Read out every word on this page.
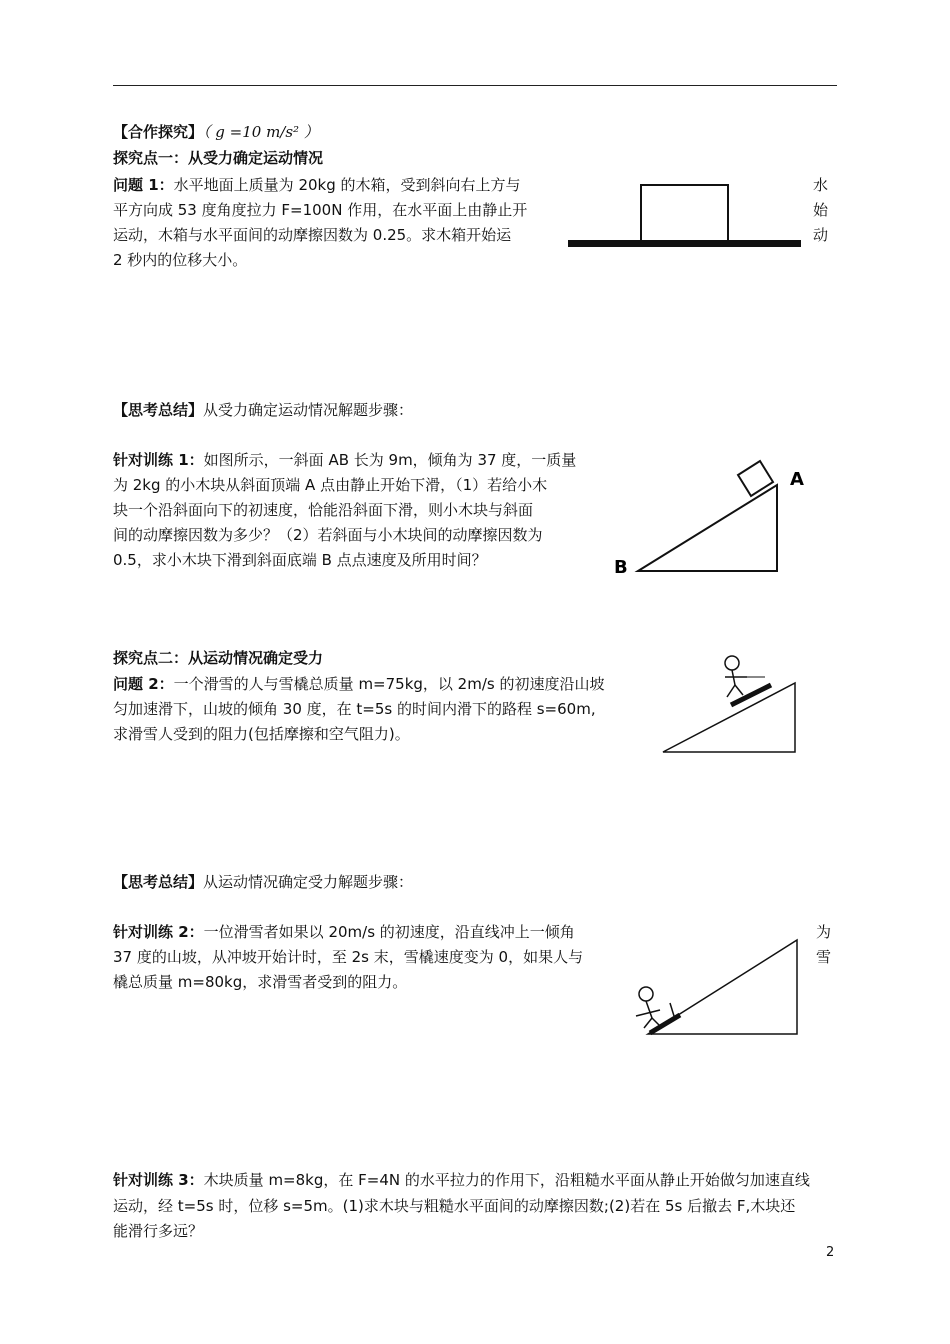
【合作探究】（ g =10 m/s² ）
探究点一：从受力确定运动情况
问题 1：水平地面上质量为 20kg 的木箱，受到斜向右上方与
平方向成 53 度角度拉力 F=100N 作用，在水平面上由静止开
运动，木箱与水平面间的动摩擦因数为 0.25。求木箱开始运
2 秒内的位移大小。
水
始
动
【思考总结】从受力确定运动情况解题步骤：
针对训练 1：如图所示，一斜面 AB 长为 9m，倾角为 37 度，一质量
为 2kg 的小木块从斜面顶端 A 点由静止开始下滑，（1）若给小木
块一个沿斜面向下的初速度，恰能沿斜面下滑，则小木块与斜面
间的动摩擦因数为多少？（2）若斜面与小木块间的动摩擦因数为
0.5，求小木块下滑到斜面底端 B 点点速度及所用时间？
A
B
探究点二：从运动情况确定受力
问题 2：一个滑雪的人与雪橇总质量 m=75kg，以 2m/s 的初速度沿山坡
匀加速滑下，山坡的倾角 30 度，在 t=5s 的时间内滑下的路程 s=60m,
求滑雪人受到的阻力(包括摩擦和空气阻力)。
【思考总结】从运动情况确定受力解题步骤：
针对训练 2：一位滑雪者如果以 20m/s 的初速度，沿直线冲上一倾角
37 度的山坡，从冲坡开始计时，至 2s 末，雪橇速度变为 0，如果人与
橇总质量 m=80kg，求滑雪者受到的阻力。
为
雪
针对训练 3：木块质量 m=8kg，在 F=4N 的水平拉力的作用下，沿粗糙水平面从静止开始做匀加速直线
运动，经 t=5s 时，位移 s=5m。(1)求木块与粗糙水平面间的动摩擦因数;(2)若在 5s 后撤去 F,木块还
能滑行多远？
2
